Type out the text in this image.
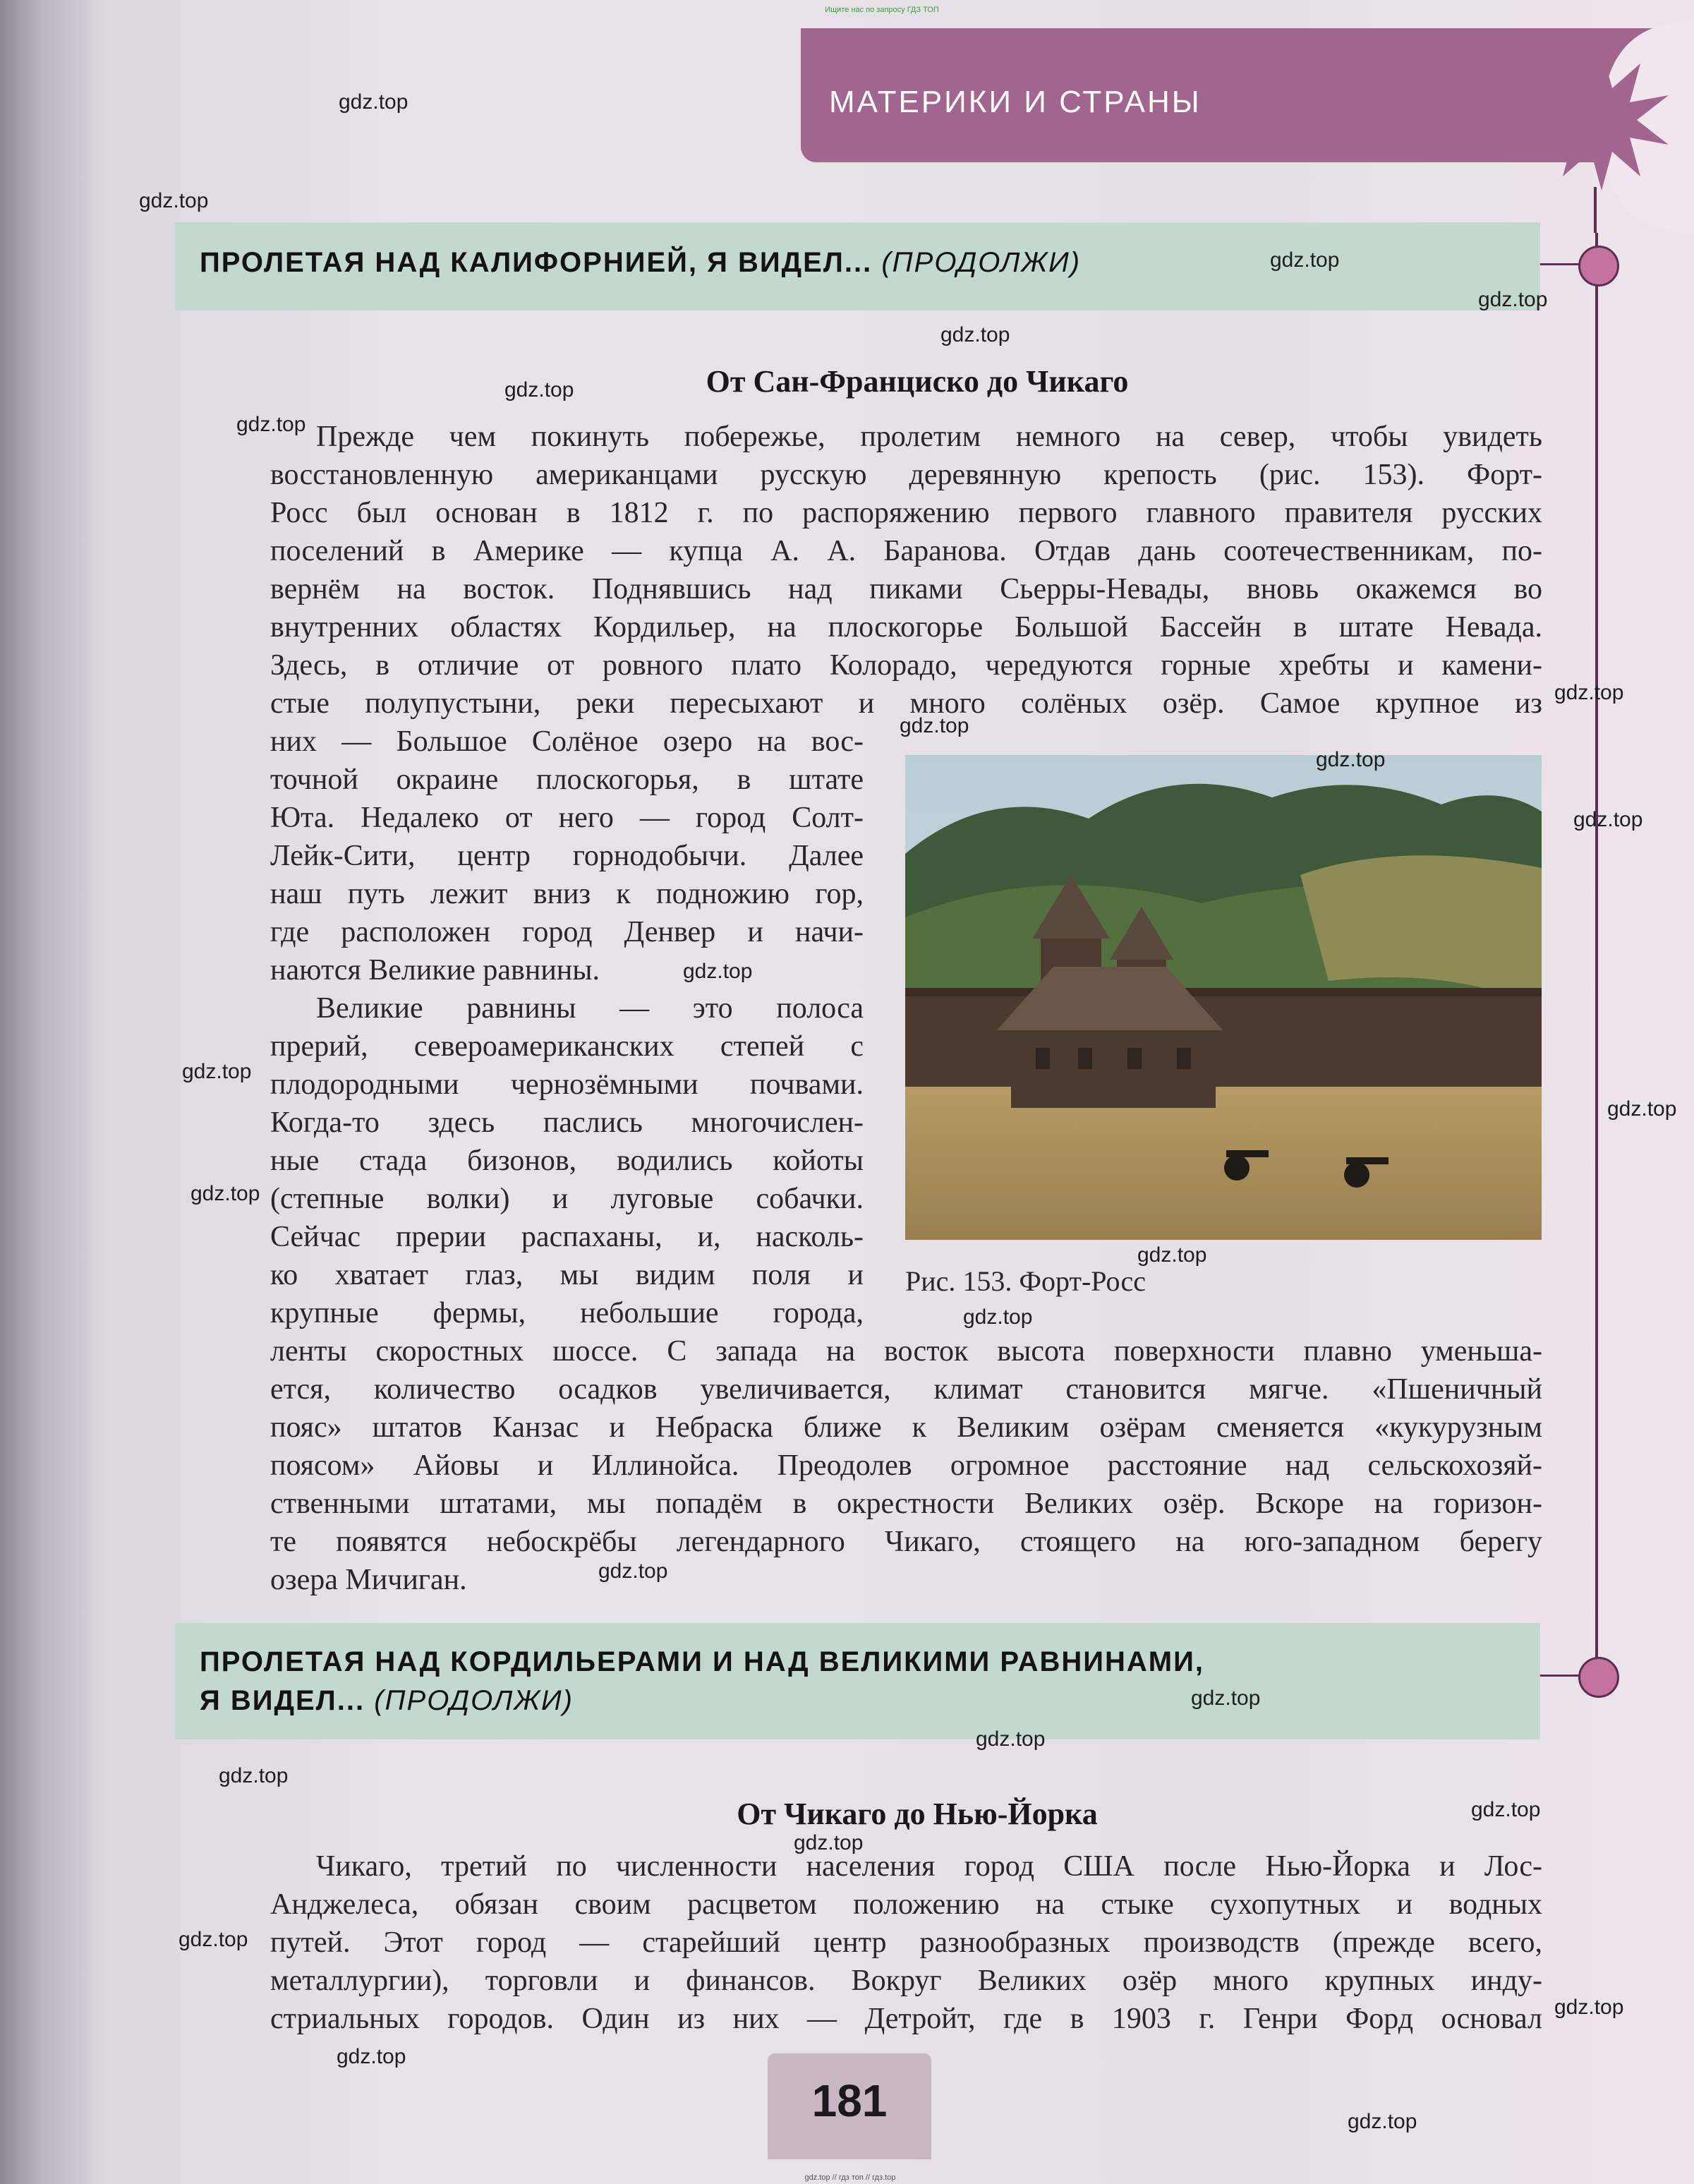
Ищите нас по запросу ГДЗ ТОП
МАТЕРИКИ И СТРАНЫ
ПРОЛЕТАЯ НАД КАЛИФОРНИЕЙ, Я ВИДЕЛ... (ПРОДОЛЖИ)
От Сан-Франциско до Чикаго
Прежде чем покинуть побережье, пролетим немного на север, чтобы увидеть
восстановленную американцами русскую деревянную крепость (рис. 153). Форт-
Росс был основан в 1812 г. по распоряжению первого главного правителя русских
поселений в Америке — купца А. А. Баранова. Отдав дань соотечественникам, по-
вернём на восток. Поднявшись над пиками Сьерры-Невады, вновь окажемся во
внутренних областях Кордильер, на плоскогорье Большой Бассейн в штате Невада.
Здесь, в отличие от ровного плато Колорадо, чередуются горные хребты и камени-
стые полупустыни, реки пересыхают и много солёных озёр. Самое крупное из
них — Большое Солёное озеро на вос-
точной окраине плоскогорья, в штате
Юта. Недалеко от него — город Солт-
Лейк-Сити, центр горнодобычи. Далее
наш путь лежит вниз к подножию гор,
где расположен город Денвер и начи-
наются Великие равнины.
Великие равнины — это полоса
прерий, североамериканских степей с
плодородными чернозёмными почвами.
Когда-то здесь паслись многочислен-
ные стада бизонов, водились койоты
(степные волки) и луговые собачки.
Сейчас прерии распаханы, и, насколь-
ко хватает глаз, мы видим поля и
крупные фермы, небольшие города,
ленты скоростных шоссе. С запада на восток высота поверхности плавно уменьша-
ется, количество осадков увеличивается, климат становится мягче. «Пшеничный
пояс» штатов Канзас и Небраска ближе к Великим озёрам сменяется «кукурузным
поясом» Айовы и Иллинойса. Преодолев огромное расстояние над сельскохозяй-
ственными штатами, мы попадём в окрестности Великих озёр. Вскоре на горизон-
те появятся небоскрёбы легендарного Чикаго, стоящего на юго-западном берегу
озера Мичиган.
Рис. 153. Форт-Росс
ПРОЛЕТАЯ НАД КОРДИЛЬЕРАМИ И НАД ВЕЛИКИМИ РАВНИНАМИ,
Я ВИДЕЛ... (ПРОДОЛЖИ)
От Чикаго до Нью-Йорка
Чикаго, третий по численности населения город США после Нью-Йорка и Лос-
Анджелеса, обязан своим расцветом положению на стыке сухопутных и водных
путей. Этот город — старейший центр разнообразных производств (прежде всего,
металлургии), торговли и финансов. Вокруг Великих озёр много крупных инду-
стриальных городов. Один из них — Детройт, где в 1903 г. Генри Форд основал
181
gdz.top // гдз топ // гдз.top
gdz.top
gdz.top
gdz.top
gdz.top
gdz.top
gdz.top
gdz.top
gdz.top
gdz.top
gdz.top
gdz.top
gdz.top
gdz.top
gdz.top
gdz.top
gdz.top
gdz.top
gdz.top
gdz.top
gdz.top
gdz.top
gdz.top
gdz.top
gdz.top
gdz.top
gdz.top
gdz.top
